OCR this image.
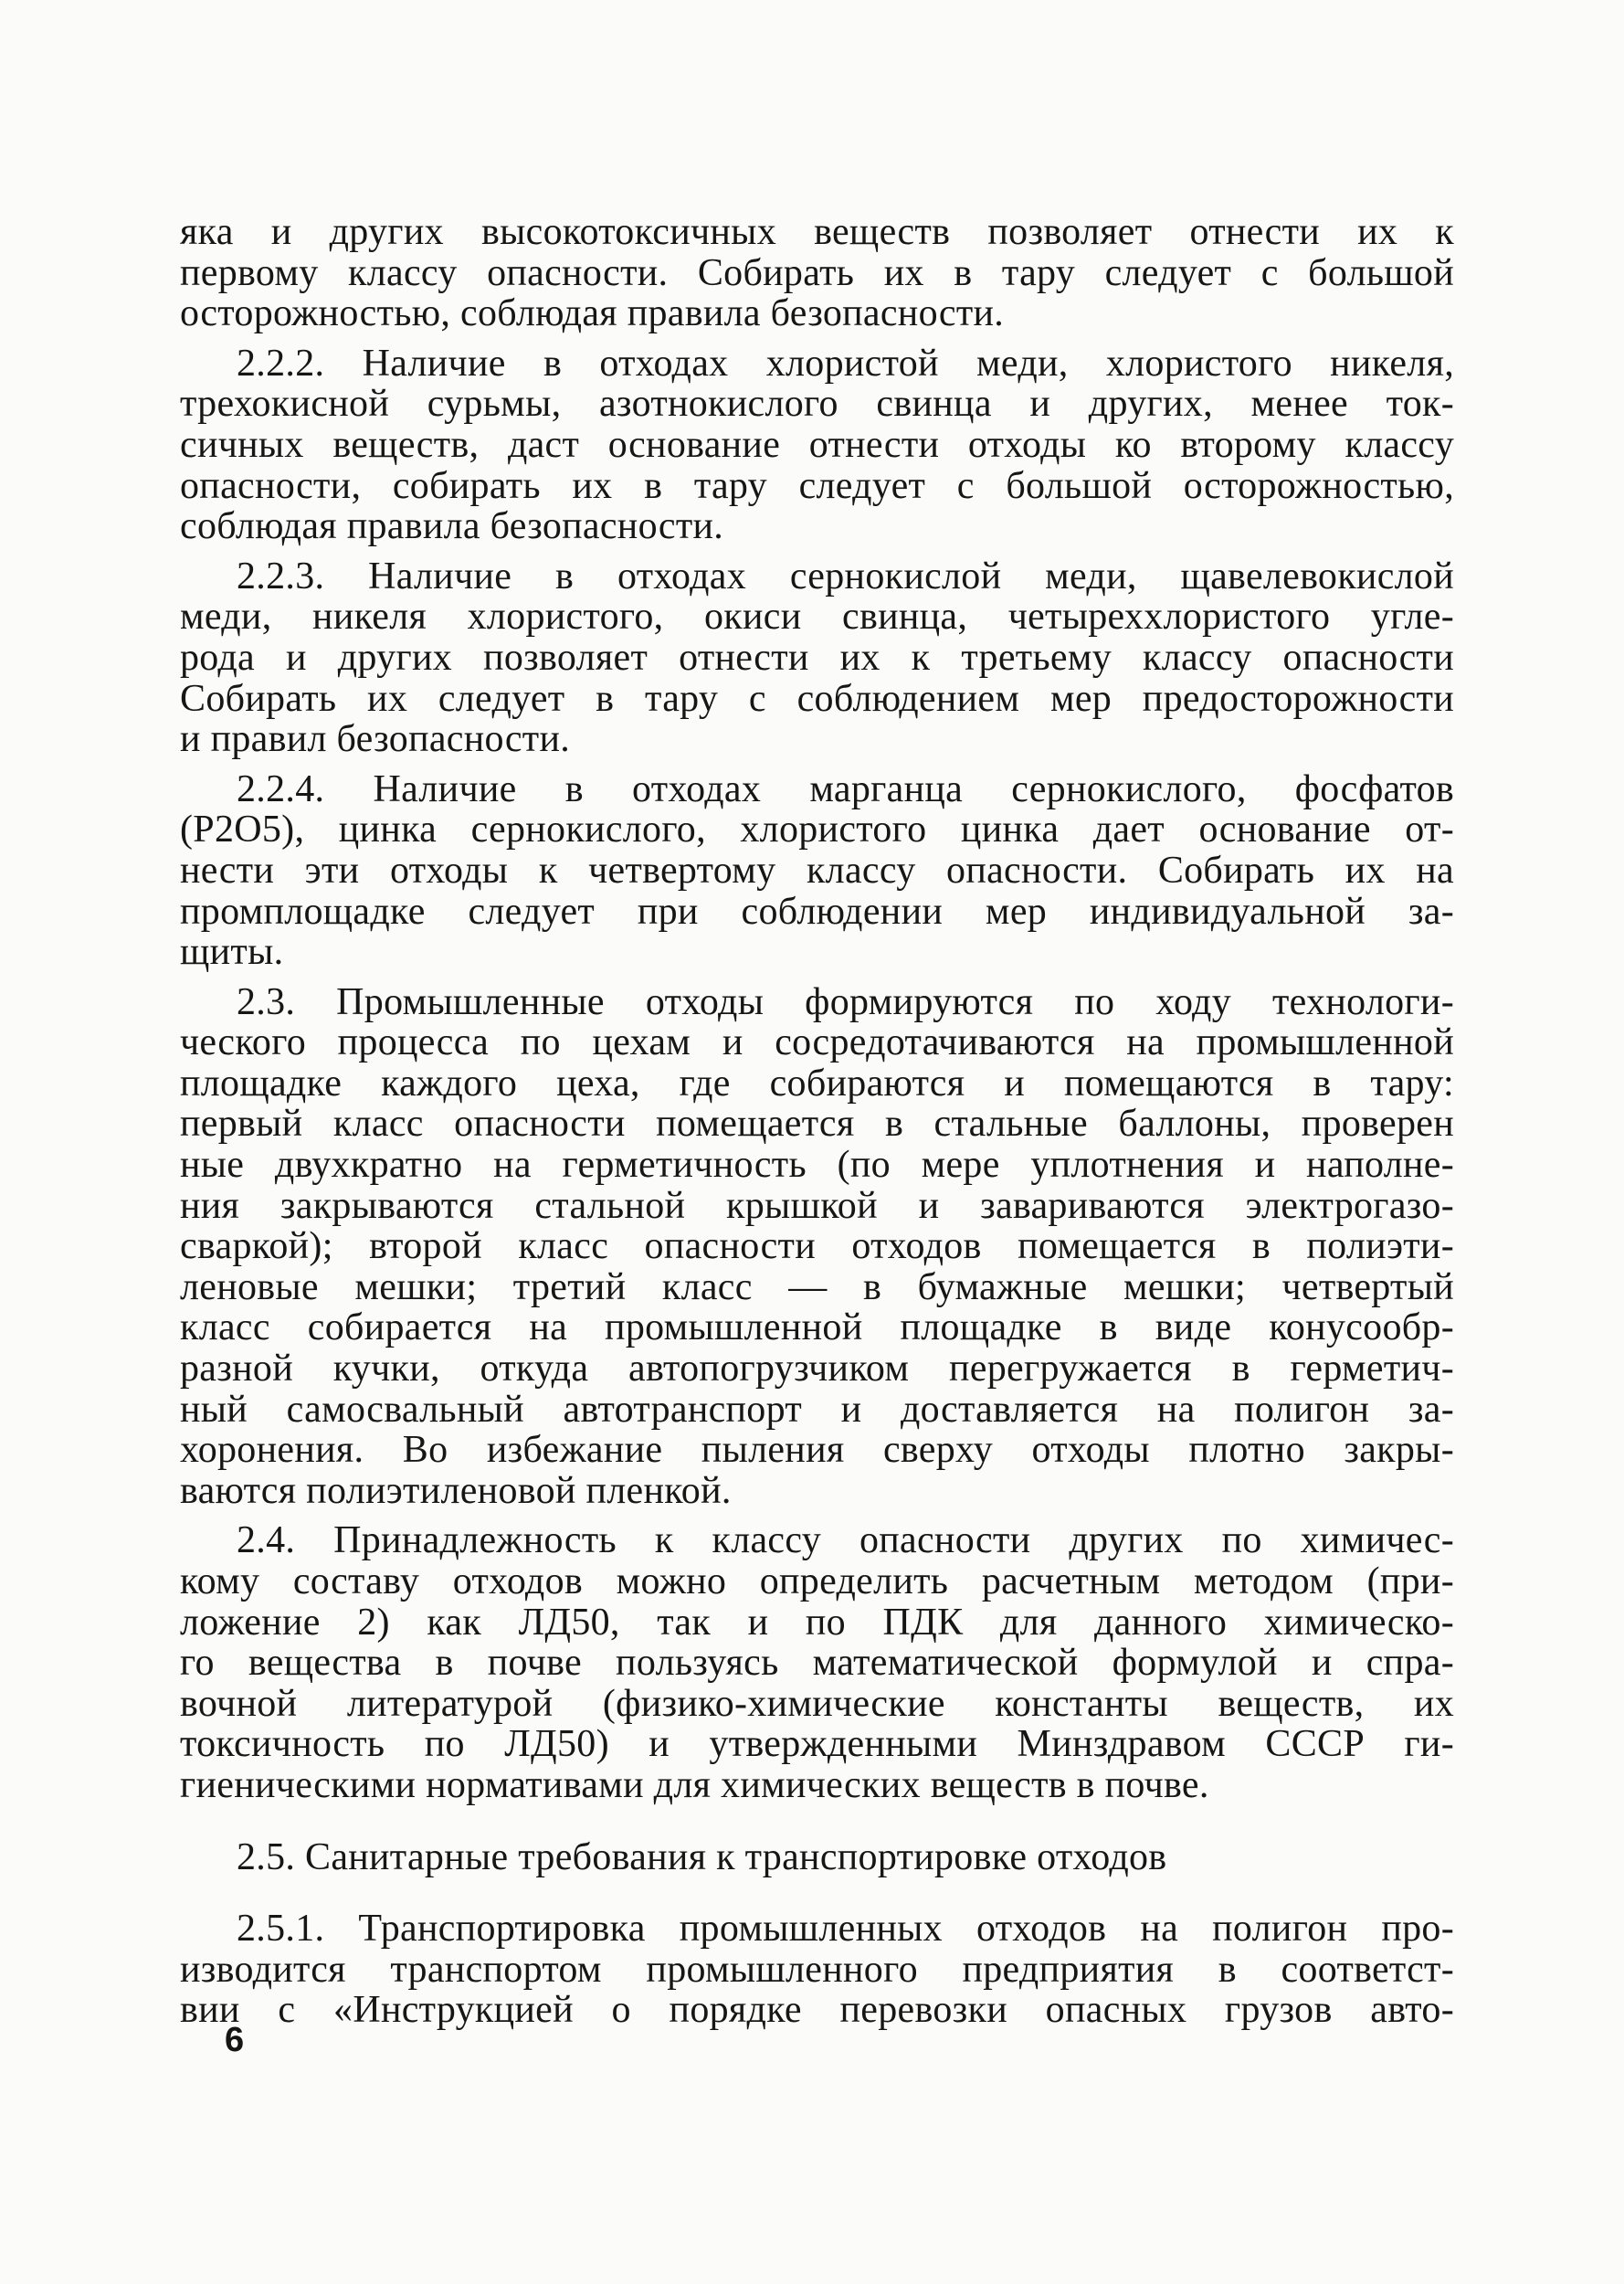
яка и других высокотоксичных веществ позволяет отнести их к
первому классу опасности. Собирать их в тару следует с большой
осторожностью, соблюдая правила безопасности.
2.2.2. Наличие в отходах хлористой меди, хлористого никеля,
трехокисной сурьмы, азотнокислого свинца и других, менее ток-
сичных веществ, даст основание отнести отходы ко второму классу
опасности, собирать их в тару следует с большой осторожностью,
соблюдая правила безопасности.
2.2.3. Наличие в отходах сернокислой меди, щавелевокислой
меди, никеля хлористого, окиси свинца, четыреххлористого угле-
рода и других позволяет отнести их к третьему классу опасности
Собирать их следует в тару с соблюдением мер предосторожности
и правил безопасности.
2.2.4. Наличие в отходах марганца сернокислого, фосфатов
(Р2О5), цинка сернокислого, хлористого цинка дает основание от-
нести эти отходы к четвертому классу опасности. Собирать их на
промплощадке следует при соблюдении мер индивидуальной за-
щиты.
2.3. Промышленные отходы формируются по ходу технологи-
ческого процесса по цехам и сосредотачиваются на промышленной
площадке каждого цеха, где собираются и помещаются в тару:
первый класс опасности помещается в стальные баллоны, проверен
ные двухкратно на герметичность (по мере уплотнения и наполне-
ния закрываются стальной крышкой и завариваются электрогазо-
сваркой); второй класс опасности отходов помещается в полиэти-
леновые мешки; третий класс — в бумажные мешки; четвертый
класс собирается на промышленной площадке в виде конусообр-
разной кучки, откуда автопогрузчиком перегружается в герметич-
ный самосвальный автотранспорт и доставляется на полигон за-
хоронения. Во избежание пыления сверху отходы плотно закры-
ваются полиэтиленовой пленкой.
2.4. Принадлежность к классу опасности других по химичес-
кому составу отходов можно определить расчетным методом (при-
ложение 2) как ЛД50, так и по ПДК для данного химическо-
го вещества в почве пользуясь математической формулой и спра-
вочной литературой (физико-химические константы веществ, их
токсичность по ЛД50) и утвержденными Минздравом СССР ги-
гиеническими нормативами для химических веществ в почве.
2.5. Санитарные требования к транспортировке отходов
2.5.1. Транспортировка промышленных отходов на полигон про-
изводится транспортом промышленного предприятия в соответст-
вии с «Инструкцией о порядке перевозки опасных грузов авто-
6
